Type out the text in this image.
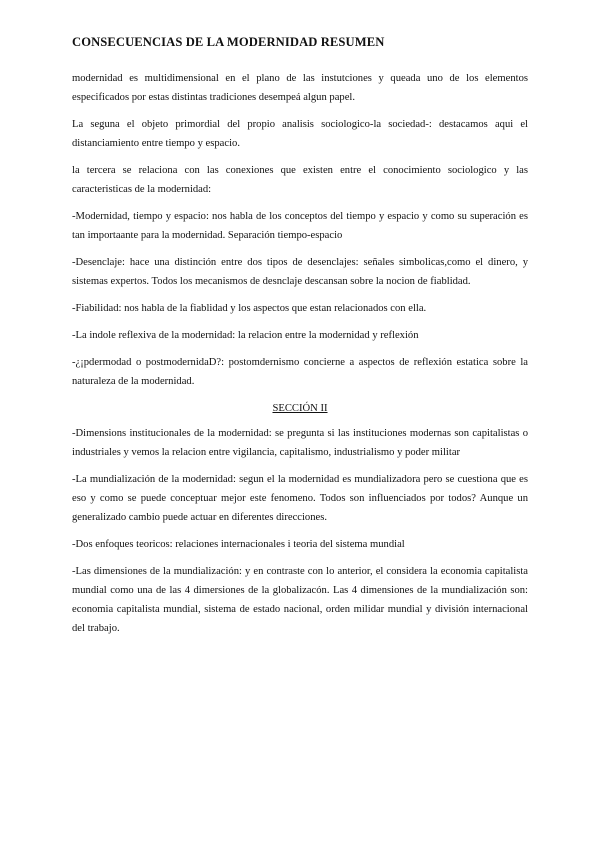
CONSECUENCIAS DE LA MODERNIDAD RESUMEN

modernidad es multidimensional en el plano de las instutciones y queada uno de los elementos especificados por estas distintas tradiciones desempeá algun papel.

La seguna el objeto primordial del propio analisis sociologico-la sociedad-: destacamos aqui el distanciamiento entre tiempo y espacio.

la tercera se relaciona con las conexiones que existen entre el conocimiento sociologico y las caracteristicas de la modernidad:

-Modernidad, tiempo y espacio: nos habla de los conceptos del tiempo y espacio y como su superación es tan importaante para la modernidad. Separación tiempo-espacio

-Desenclaje: hace una distinción entre dos tipos de desenclajes: señales simbolicas,como el dinero, y sistemas expertos. Todos los mecanismos de desnclaje descansan sobre la nocion de fiablidad.

-Fiabilidad: nos habla de la fiablidad y los aspectos que estan relacionados con ella.

-La indole reflexiva de la modernidad: la relacion entre la modernidad y reflexión

-¿¡pdermodad o postmodernidaD?: postomdernismo concierne a aspectos de reflexión estatica sobre la naturaleza de la modernidad.

SECCIÓN II

-Dimensions institucionales de la modernidad: se pregunta si las instituciones modernas son capitalistas o industriales y vemos la relacion entre vigilancia, capitalismo, industrialismo y poder militar

-La mundialización de la modernidad: segun el la modernidad es mundializadora pero se cuestiona que es eso y como se puede conceptuar mejor este fenomeno. Todos son influenciados por todos? Aunque un generalizado cambio puede actuar en diferentes direcciones.

-Dos enfoques teoricos: relaciones internacionales i teoria del sistema mundial

-Las dimensiones de la mundialización: y en contraste con lo anterior, el considera la economia capitalista mundial como una de las 4 dimersiones de la globalizacón. Las 4 dimensiones de la mundialización son: economia capitalista mundial, sistema de estado nacional, orden milidar mundial y división internacional del trabajo.
